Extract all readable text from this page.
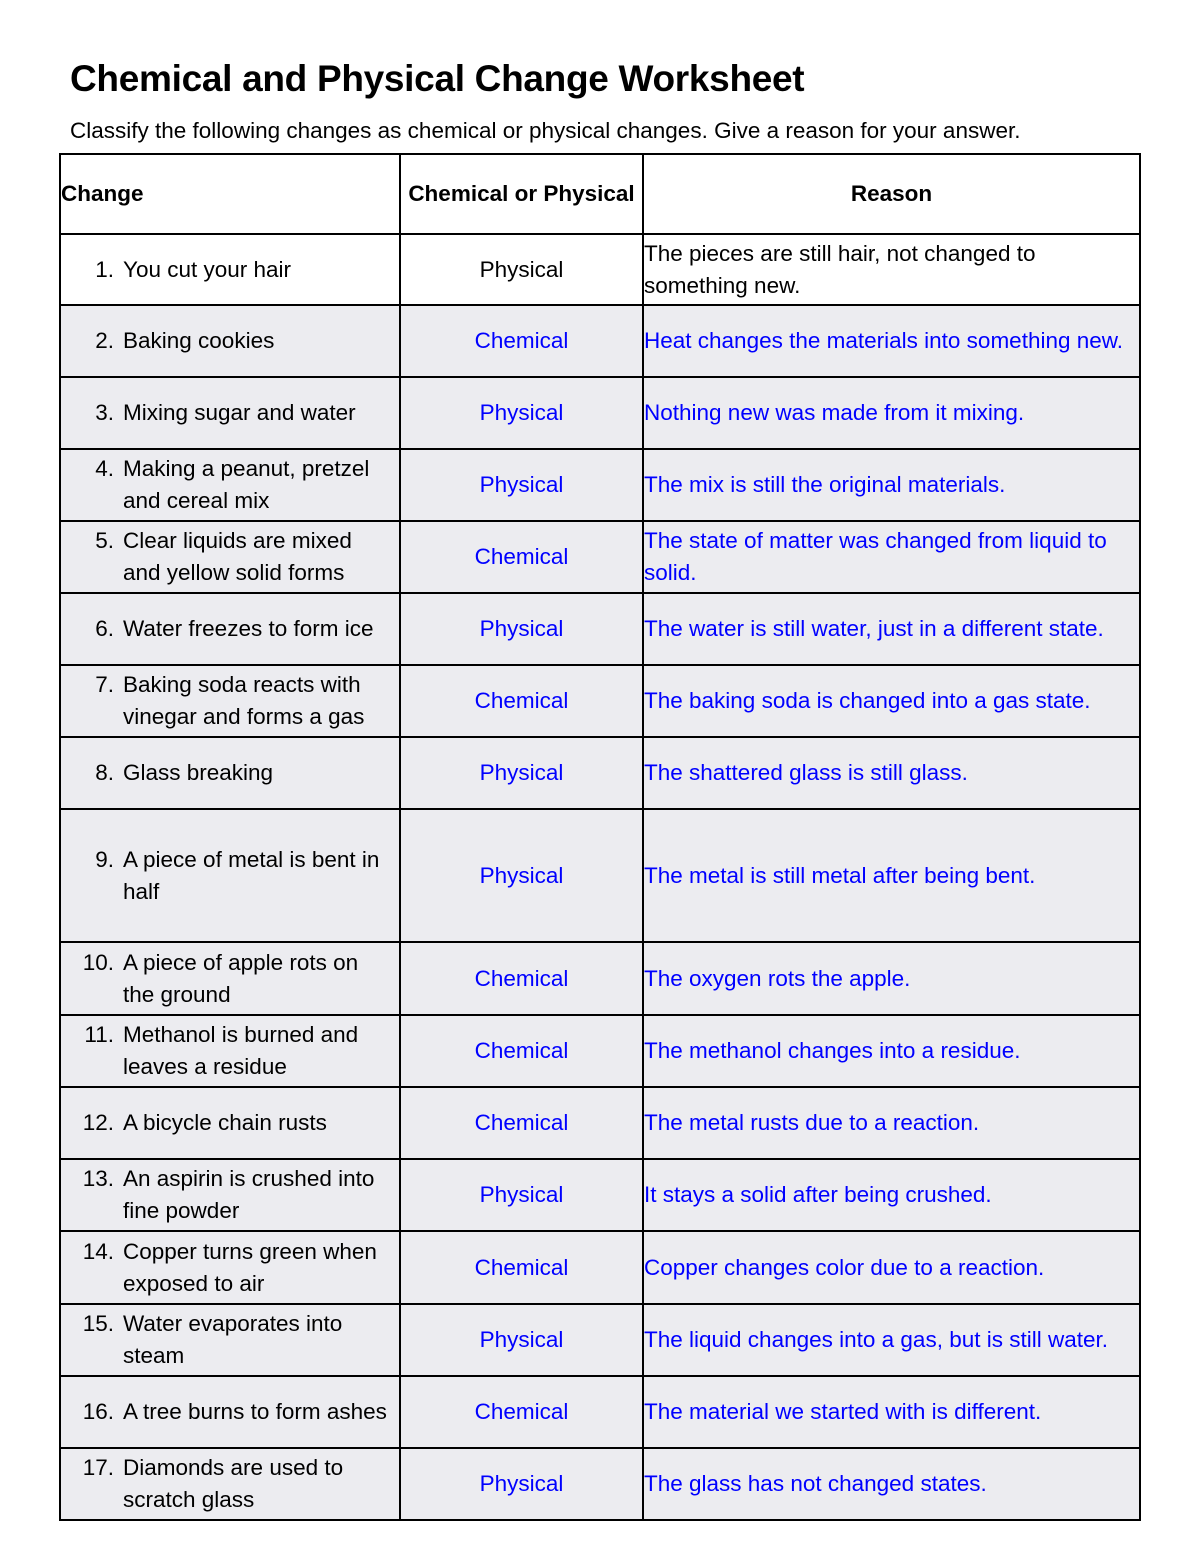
Chemical and Physical Change Worksheet
Classify the following changes as chemical or physical changes. Give a reason for your answer.
Change	Chemical or Physical	Reason

1. You cut your hair	Physical	The pieces are still hair, not changed to something new.

2. Baking cookies	Chemical	Heat changes the materials into something new.

3. Mixing sugar and water	Physical	Nothing new was made from it mixing.

4. Making a peanut, pretzel and cereal mix	Physical	The mix is still the original materials.

5. Clear liquids are mixed and yellow solid forms	Chemical	The state of matter was changed from liquid to solid.

6. Water freezes to form ice	Physical	The water is still water, just in a different state.

7. Baking soda reacts with vinegar and forms a gas	Chemical	The baking soda is changed into a gas state.

8. Glass breaking	Physical	The shattered glass is still glass.

9. A piece of metal is bent in half	Physical	The metal is still metal after being bent.

10. A piece of apple rots on the ground	Chemical	The oxygen rots the apple.

11. Methanol is burned and leaves a residue	Chemical	The methanol changes into a residue.

12. A bicycle chain rusts	Chemical	The metal rusts due to a reaction.

13. An aspirin is crushed into fine powder	Physical	It stays a solid after being crushed.

14. Copper turns green when exposed to air	Chemical	Copper changes color due to a reaction.

15. Water evaporates into steam	Physical	The liquid changes into a gas, but is still water.

16. A tree burns to form ashes	Chemical	The material we started with is different.

17. Diamonds are used to scratch glass	Physical	The glass has not changed states.
